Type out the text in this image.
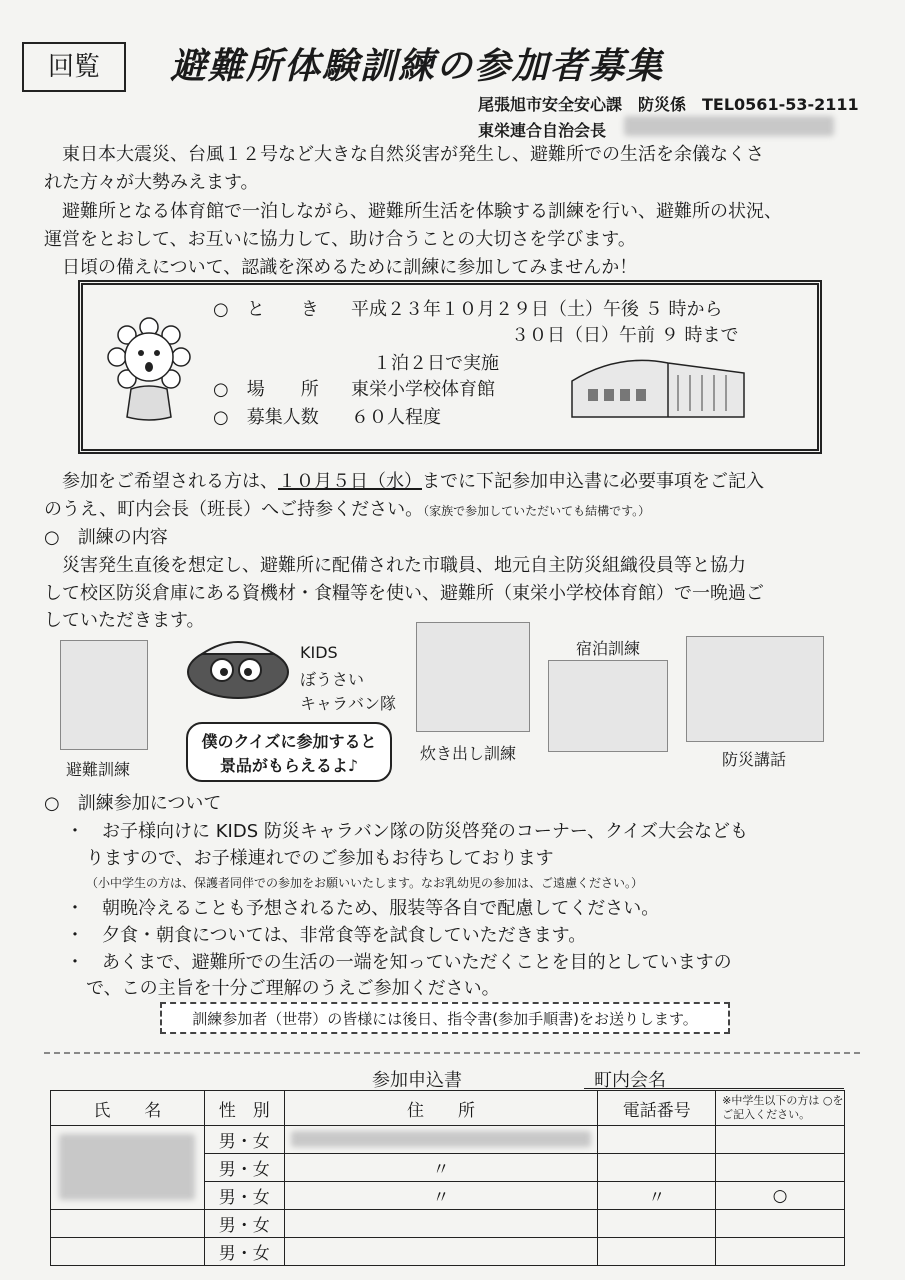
回覧	避難所体験訓練の参加者募集
尾張旭市安全安心課　防災係　TEL0561-53-2111
東栄連合自治会長
東日本大震災、台風１２号など大きな自然災害が発生し、避難所での生活を余儀なくさ
れた方々が大勢みえます。
避難所となる体育館で一泊しながら、避難所生活を体験する訓練を行い、避難所の状況、
運営をとおして、お互いに協力して、助け合うことの大切さを学びます。
日頃の備えについて、認識を深めるために訓練に参加してみませんか！
○　と　　き 平成２３年１０月２９日（土）午後 ５ 時から
３０日（日）午前 ９ 時まで
１泊２日で実施
○　場　　所 東栄小学校体育館
○　募集人数 ６０人程度
参加をご希望される方は、１０月５日（水）までに下記参加申込書に必要事項をご記入
のうえ、町内会長（班長）へご持参ください。（家族で参加していただいても結構です。）
○　訓練の内容
災害発生直後を想定し、避難所に配備された市職員、地元自主防災組織役員等と協力
して校区防災倉庫にある資機材・食糧等を使い、避難所（東栄小学校体育館）で一晩過ご
していただきます。
避難訓練
KIDS
ぼうさい
キャラバン隊
僕のクイズに参加すると
景品がもらえるよ♪
炊き出し訓練
宿泊訓練
防災講話
○　訓練参加について
・　お子様向けに KIDS 防災キャラバン隊の防災啓発のコーナー、クイズ大会なども
りますので、お子様連れでのご参加もお待ちしております
（小中学生の方は、保護者同伴での参加をお願いいたします。なお乳幼児の参加は、ご遠慮ください。）
・　朝晩冷えることも予想されるため、服装等各自で配慮してください。
・　夕食・朝食については、非常食等を試食していただきます。
・　あくまで、避難所での生活の一端を知っていただくことを目的としていますの
で、この主旨を十分ご理解のうえご参加ください。
訓練参加者（世帯）の皆様には後日、指令書(参加手順書)をお送りします。
参加申込書	町内会名
氏　　名	性　別	住　　所	電話番号	※中学生以下の方は ○をご記入ください。

	男・女	

	男・女	〃		
	男・女	〃	〃	○
	男・女			
	男・女			
